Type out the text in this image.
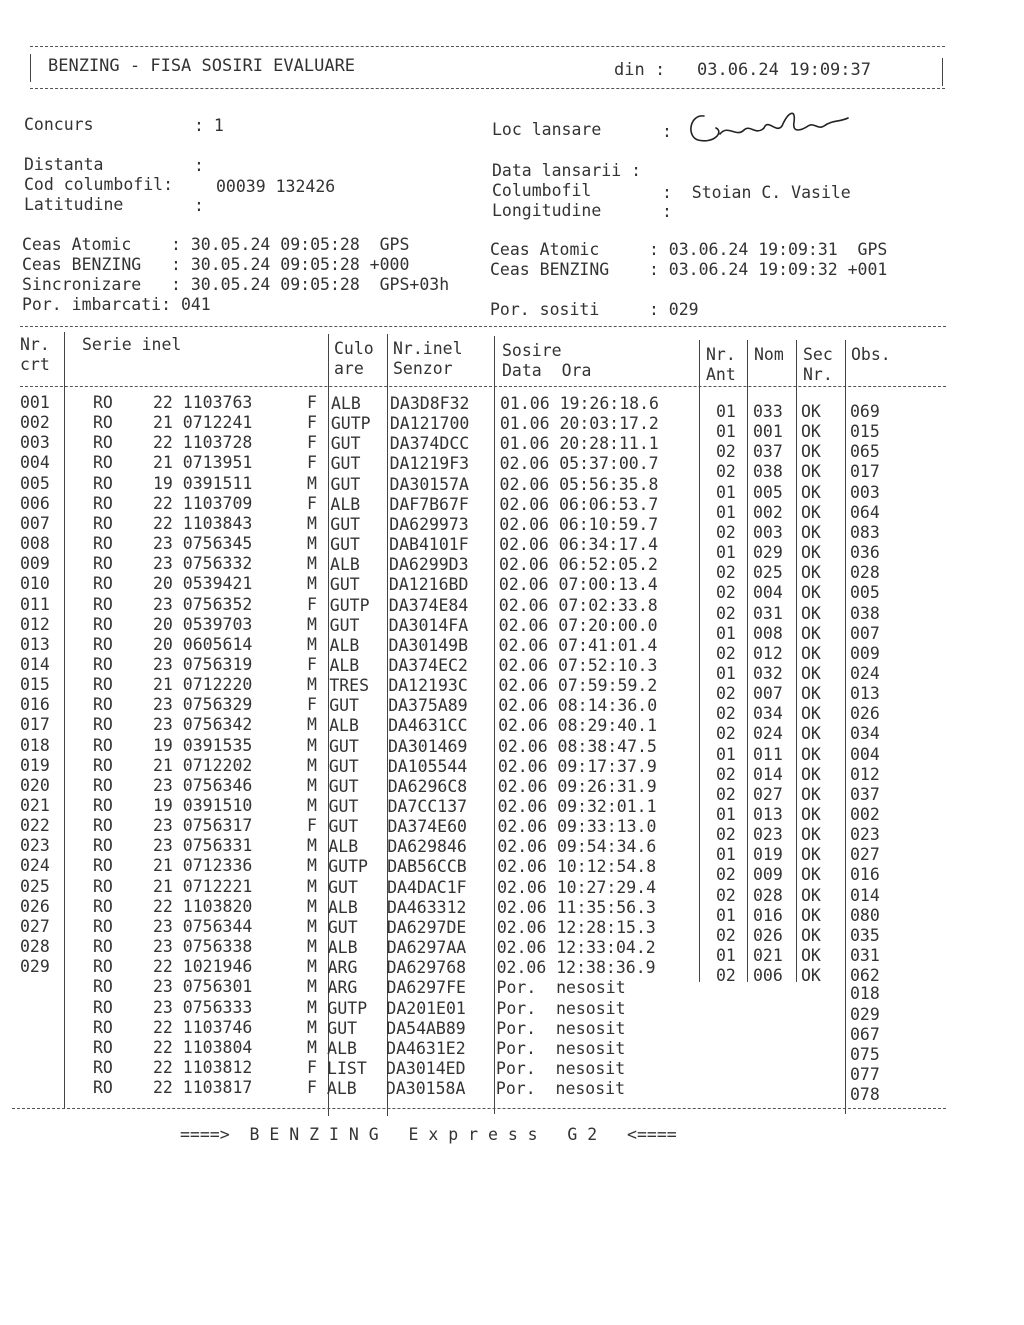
BENZING - FISA SOSIRI EVALUARE	din : 03.06.24 19:09:37
Concurs	: 1	Loc lansare	:
Distanta	:
Cod columbofil:	00039 132426
Latitudine	:
Data lansarii :
Columbofil	:  Stoian C. Vasile
Longitudine	:
Ceas Atomic    : 30.05.24 09:05:28  GPS
Ceas BENZING   : 30.05.24 09:05:28 +000
Sincronizare   : 30.05.24 09:05:28  GPS+03h
Por. imbarcati: 041
Ceas Atomic     : 03.06.24 19:09:31  GPS
Ceas BENZING    : 03.06.24 19:09:32 +001
Por. sositi     : 029
Nr.
crt
Serie inel	Culo
are
Nr.inel
Senzor
Sosire
Data  Ora
Nr.
Ant
Nom Sec
Nr.
Obs.
001	RO 22 1103763	F ALB DA3D8F32 01.06 19:26:18.6	01 033 OK 069
002	RO 21 0712241	F GUTP DA121700 01.06 20:03:17.2	01 001 OK 015
003	RO 22 1103728	F GUT DA374DCC 01.06 20:28:11.1	02 037 OK 065
004	RO 21 0713951	F GUT DA1219F3 02.06 05:37:00.7	02 038 OK 017
005	RO 19 0391511	M GUT DA30157A 02.06 05:56:35.8	01 005 OK 003
006	RO 22 1103709	F ALB DAF7B67F 02.06 06:06:53.7	01 002 OK 064
007	RO 22 1103843	M GUT DA629973 02.06 06:10:59.7	02 003 OK 083
008	RO 23 0756345	M GUT DAB4101F 02.06 06:34:17.4	01 029 OK 036
009	RO 23 0756332	M ALB DA6299D3 02.06 06:52:05.2	02 025 OK 028
010	RO 20 0539421	M GUT DA1216BD 02.06 07:00:13.4	02 004 OK 005
011	RO 23 0756352	F GUTP DA374E84 02.06 07:02:33.8	02 031 OK 038
012	RO 20 0539703	M GUT DA3014FA 02.06 07:20:00.0	01 008 OK 007
013	RO 20 0605614	M ALB DA30149B 02.06 07:41:01.4	02 012 OK 009
014	RO 23 0756319	F ALB DA374EC2 02.06 07:52:10.3	01 032 OK 024
015	RO 21 0712220	M TRES DA12193C 02.06 07:59:59.2	02 007 OK 013
016	RO 23 0756329	F GUT DA375A89 02.06 08:14:36.0	02 034 OK 026
017	RO 23 0756342	M ALB DA4631CC 02.06 08:29:40.1	02 024 OK 034
018	RO 19 0391535	M GUT DA301469 02.06 08:38:47.5	01 011 OK 004
019	RO 21 0712202	M GUT DA105544 02.06 09:17:37.9	02 014 OK 012
020	RO 23 0756346	M GUT DA6296C8 02.06 09:26:31.9	02 027 OK 037
021	RO 19 0391510	M GUT DA7CC137 02.06 09:32:01.1	01 013 OK 002
022	RO 23 0756317	F GUT DA374E60 02.06 09:33:13.0	02 023 OK 023
023	RO 23 0756331	M ALB DA629846 02.06 09:54:34.6	01 019 OK 027
024	RO 21 0712336	M GUTP DAB56CCB 02.06 10:12:54.8	02 009 OK 016
025	RO 21 0712221	M GUT DA4DAC1F 02.06 10:27:29.4	02 028 OK 014
026	RO 22 1103820	M ALB DA463312 02.06 11:35:56.3	01 016 OK 080
027	RO 23 0756344	M GUT DA6297DE 02.06 12:28:15.3	02 026 OK 035
028	RO 23 0756338	M ALB DA6297AA 02.06 12:33:04.2	01 021 OK 031
029	RO 22 1021946	M ARG DA629768 02.06 12:38:36.9	02 006 OK 062
RO 23 0756301	M ARG DA6297FE Por.  nesosit	018
RO 23 0756333	M GUTP DA201E01 Por.  nesosit	029
RO 22 1103746	M GUT DA54AB89 Por.  nesosit	067
RO 22 1103804	M ALB DA4631E2 Por.  nesosit	075
RO 22 1103812	F LIST DA3014ED Por.  nesosit	077
RO 22 1103817	F ALB DA30158A Por.  nesosit	078
====>  B E N Z I N G   E x p r e s s   G 2   <====
